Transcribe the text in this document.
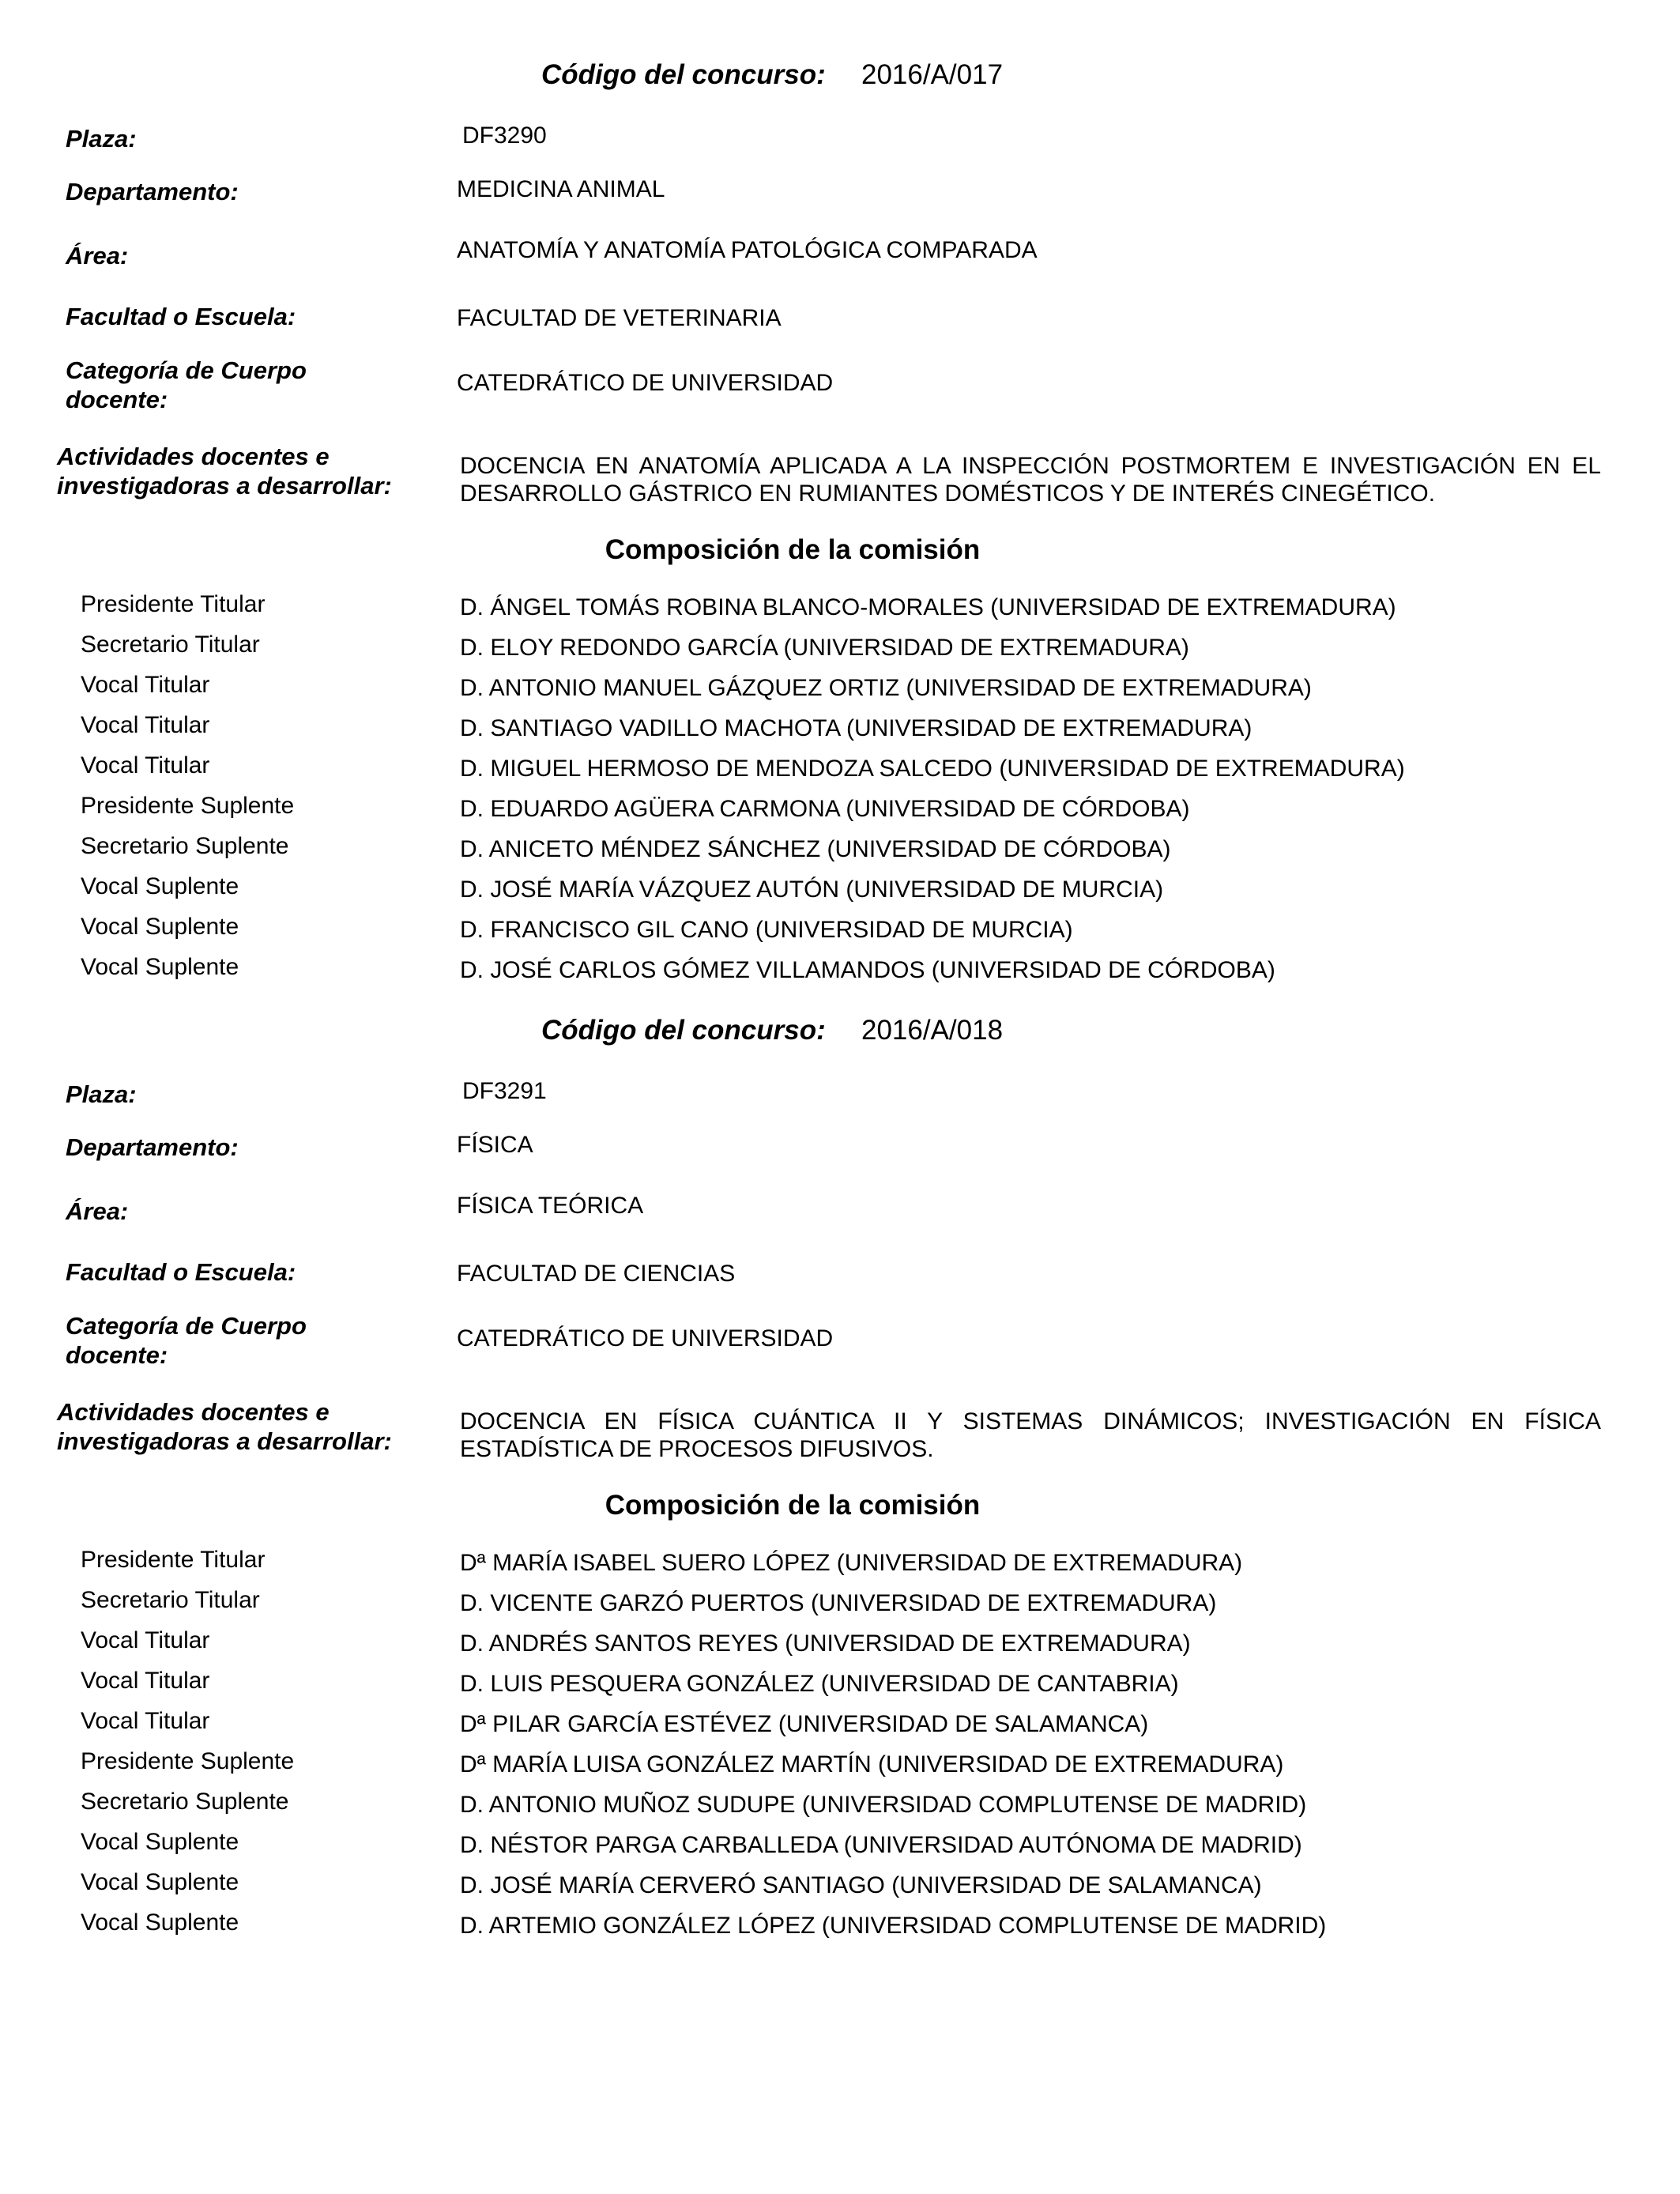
Código del concurso: 2016/A/017
Plaza:	DF3290
Departamento:	MEDICINA ANIMAL
Área:	ANATOMÍA Y ANATOMÍA PATOLÓGICA COMPARADA
Facultad o Escuela:	FACULTAD DE VETERINARIA
Categoría de Cuerpo
docente:
CATEDRÁTICO DE UNIVERSIDAD
Actividades docentes e
investigadoras a desarrollar:
DOCENCIA EN ANATOMÍA APLICADA A LA INSPECCIÓN POSTMORTEM E INVESTIGACIÓN EN EL DESARROLLO GÁSTRICO EN RUMIANTES DOMÉSTICOS Y DE INTERÉS CINEGÉTICO.
Composición de la comisión
Presidente Titular	D. ÁNGEL TOMÁS ROBINA BLANCO-MORALES (UNIVERSIDAD DE EXTREMADURA)
Secretario Titular	D. ELOY REDONDO GARCÍA (UNIVERSIDAD DE EXTREMADURA)
Vocal Titular	D. ANTONIO MANUEL GÁZQUEZ ORTIZ (UNIVERSIDAD DE EXTREMADURA)
Vocal Titular	D. SANTIAGO VADILLO MACHOTA (UNIVERSIDAD DE EXTREMADURA)
Vocal Titular	D. MIGUEL HERMOSO DE MENDOZA SALCEDO (UNIVERSIDAD DE EXTREMADURA)
Presidente Suplente	D. EDUARDO AGÜERA CARMONA (UNIVERSIDAD DE CÓRDOBA)
Secretario Suplente	D. ANICETO MÉNDEZ SÁNCHEZ (UNIVERSIDAD DE CÓRDOBA)
Vocal Suplente	D. JOSÉ MARÍA VÁZQUEZ AUTÓN (UNIVERSIDAD DE MURCIA)
Vocal Suplente	D. FRANCISCO GIL CANO (UNIVERSIDAD DE MURCIA)
Vocal Suplente	D. JOSÉ CARLOS GÓMEZ VILLAMANDOS (UNIVERSIDAD DE CÓRDOBA)
Código del concurso: 2016/A/018
Plaza:	DF3291
Departamento:	FÍSICA
Área:	FÍSICA TEÓRICA
Facultad o Escuela:	FACULTAD DE CIENCIAS
Categoría de Cuerpo
docente:
CATEDRÁTICO DE UNIVERSIDAD
Actividades docentes e
investigadoras a desarrollar:
DOCENCIA EN FÍSICA CUÁNTICA II Y SISTEMAS DINÁMICOS; INVESTIGACIÓN EN FÍSICA ESTADÍSTICA DE PROCESOS DIFUSIVOS.
Composición de la comisión
Presidente Titular	Dª MARÍA ISABEL SUERO LÓPEZ (UNIVERSIDAD DE EXTREMADURA)
Secretario Titular	D. VICENTE GARZÓ PUERTOS (UNIVERSIDAD DE EXTREMADURA)
Vocal Titular	D. ANDRÉS SANTOS REYES (UNIVERSIDAD DE EXTREMADURA)
Vocal Titular	D. LUIS PESQUERA GONZÁLEZ (UNIVERSIDAD DE CANTABRIA)
Vocal Titular	Dª PILAR GARCÍA ESTÉVEZ (UNIVERSIDAD DE SALAMANCA)
Presidente Suplente	Dª MARÍA LUISA GONZÁLEZ MARTÍN (UNIVERSIDAD DE EXTREMADURA)
Secretario Suplente	D. ANTONIO MUÑOZ SUDUPE (UNIVERSIDAD COMPLUTENSE DE MADRID)
Vocal Suplente	D. NÉSTOR PARGA CARBALLEDA (UNIVERSIDAD AUTÓNOMA DE MADRID)
Vocal Suplente	D. JOSÉ MARÍA CERVERÓ SANTIAGO (UNIVERSIDAD DE SALAMANCA)
Vocal Suplente	D. ARTEMIO GONZÁLEZ LÓPEZ (UNIVERSIDAD COMPLUTENSE DE MADRID)
